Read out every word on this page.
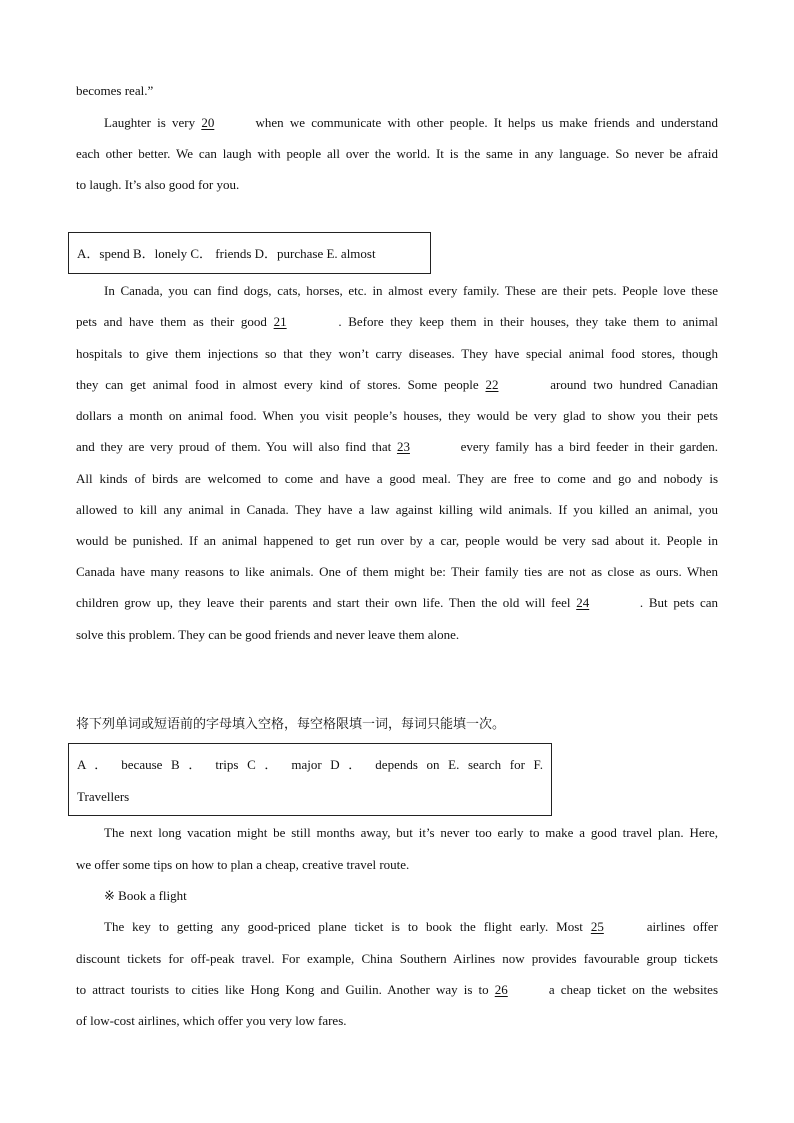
becomes real.”
Laughter is very 20	when we communicate with other people. It helps us make friends and understand
each other better. We can laugh with people all over the world. It is the same in any language. So never be afraid
to laugh. It’s also good for you.
A．spend B．lonely C． friends D．purchase E. almost
In Canada, you can find dogs, cats, horses, etc. in almost every family. These are their pets. People love these
pets and have them as their good 21	. Before they keep them in their houses, they take them to animal
hospitals to give them injections so that they won’t carry diseases. They have special animal food stores, though
they can get animal food in almost every kind of stores. Some people 22	around two hundred Canadian
dollars a month on animal food. When you visit people’s houses, they would be very glad to show you their pets
and they are very proud of them. You will also find that 23	every family has a bird feeder in their garden.
All kinds of birds are welcomed to come and have a good meal. They are free to come and go and nobody is
allowed to kill any animal in Canada. They have a law against killing wild animals. If you killed an animal, you
would be punished. If an animal happened to get run over by a car, people would be very sad about it. People in
Canada have many reasons to like animals. One of them might be: Their family ties are not as close as ours. When
children grow up, they leave their parents and start their own life. Then the old will feel 24	. But pets can
solve this problem. They can be good friends and never leave them alone.
将下列单词或短语前的字母填入空格，每空格限填一词，每词只能填一次。
A ． because B ． trips C ． major D ． depends on E. search for F.
Travellers
The next long vacation might be still months away, but it’s never too early to make a good travel plan. Here,
we offer some tips on how to plan a cheap, creative travel route.
※ Book a flight
The key to getting any good-priced plane ticket is to book the flight early. Most 25	airlines offer
discount tickets for off-peak travel. For example, China Southern Airlines now provides favourable group tickets
to attract tourists to cities like Hong Kong and Guilin. Another way is to 26	a cheap ticket on the websites
of low-cost airlines, which offer you very low fares.
